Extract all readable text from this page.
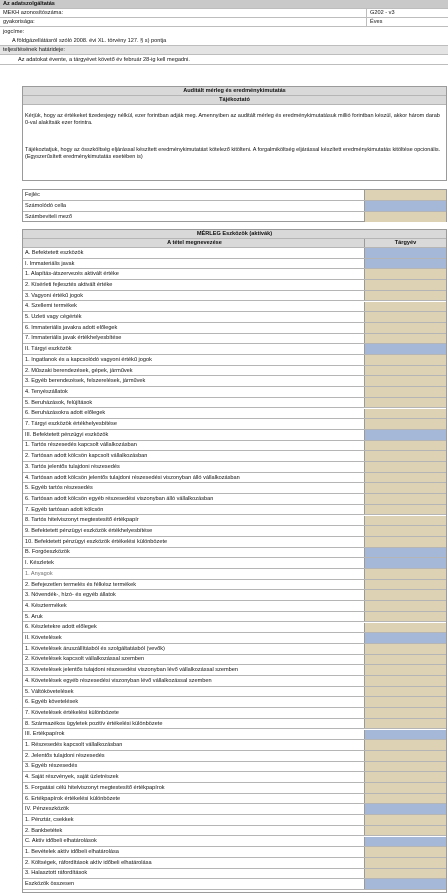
Az adatszolgáltatás
MEKH azonosítószáma:	G202 - v3
gyakorisága:	Éves
jogcíme:
A földgázellátásról szóló 2008. évi XL. törvény 127. § s) pontja
teljesítésének határideje:
Az adatokat évente, a tárgyévet követő év február 28-ig kell megadni.
Auditált mérleg és eredménykimutatás
Tájékoztató
Kérjük, hogy az értékeket tizedesjegy nélkül, ezer forintban adják meg. Amennyiben az auditált mérleg és eredménykimutatásuk millió forintban készül, akkor három darab 0-val alakítsák ezer forintra.
Tájékoztatjuk, hogy az összköltség eljárással készített eredménykimutatást kötelező kitölteni. A forgalmiköltség eljárással készített eredménykimutatás kitöltése opcionális. (Egyszerűsített eredménykimutatás esetében is)
Fejléc
Számolódó cella
Számbeviteli mező
MÉRLEG Eszközök (aktívák)
A tétel megnevezése	Tárgyév
A. Befektetett eszközök
I. Immateriális javak
1. Alapítás-átszervezés aktivált értéke
2. Kísérleti fejlesztés aktivált értéke
3. Vagyoni értékű jogok
4. Szellemi termékek
5. Üzleti vagy cégérték
6. Immateriális javakra adott előlegek
7. Immateriális javak értékhelyesbítése
II. Tárgyi eszközök
1. Ingatlanok és a kapcsolódó vagyoni értékű jogok
2. Műszaki berendezések, gépek, járművek
3. Egyéb berendezések, felszerelések, járművek
4. Tenyészállatok
5. Beruházások, felújítások
6. Beruházásokra adott előlegek
7. Tárgyi eszközök értékhelyesbítése
III. Befektetett pénzügyi eszközök
1. Tartós részesedés kapcsolt vállalkozásban
2. Tartósan adott kölcsön kapcsolt vállalkozásban
3. Tartós jelentős tulajdoni részesedés
4. Tartósan adott kölcsön jelentős tulajdoni részesedési viszonyban álló vállalkozásban
5. Egyéb tartós részesedés
6. Tartósan adott kölcsön egyéb részesedési viszonyban álló vállalkozásban
7. Egyéb tartósan adott kölcsön
8. Tartós hitelviszonyt megtestesítő értékpapír
9. Befektetett pénzügyi eszközök értékhelyesbítése
10. Befektetett pénzügyi eszközök értékelési különbözete
B. Forgóeszközök
I. Készletek
1. Anyagok
2. Befejezetlen termelés és félkész termékek
3. Növendék-, hízó- és egyéb állatok
4. Késztermékek
5. Áruk
6. Készletekre adott előlegek
II. Követelések
1. Követelések áruszállításból és szolgáltatásból (vevők)
2. Követelések kapcsolt vállalkozással szemben
3. Követelések jelentős tulajdoni részesedési viszonyban lévő vállalkozással szemben
4. Követelések egyéb részesedési viszonyban lévő vállalkozással szemben
5. Váltókövetelések
6. Egyéb követelések
7. Követelések értékelési különbözete
8. Származékos ügyletek pozitív értékelési különbözete
III. Értékpapírok
1. Részesedés kapcsolt vállalkozásban
2. Jelentős tulajdoni részesedés
3. Egyéb részesedés
4. Saját részvények, saját üzletrészek
5. Forgatási célú hitelviszonyt megtestesítő értékpapírok
6. Értékpapírok értékelési különbözete
IV. Pénzeszközök
1. Pénztár, csekkek
2. Bankbetétek
C. Aktív időbeli elhatárolások
1. Bevételek aktív időbeli elhatárolása
2. Költségek, ráfordítások aktív időbeli elhatárolása
3. Halasztott ráfordítások
Eszközök összesen
